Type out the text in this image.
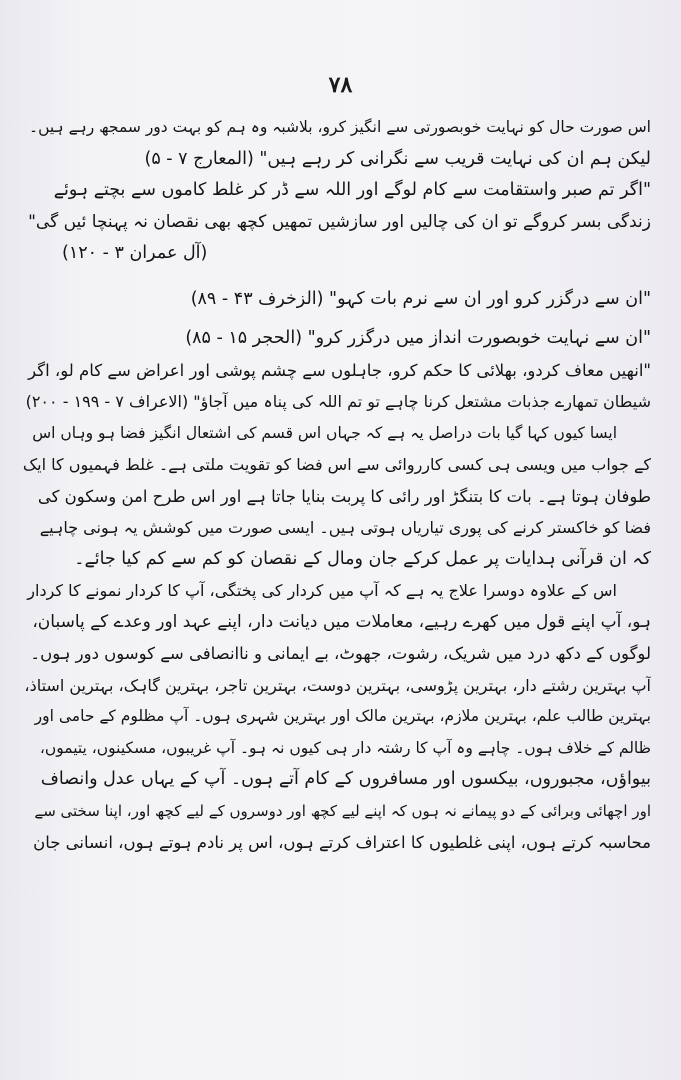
۷۸
اس صورت حال کو نہایت خوبصورتی سے انگیز کرو، بلاشبہ وہ ہم کو بہت دور سمجھ رہے ہیں۔
لیکن ہم ان کی نہایت قریب سے نگرانی کر رہے ہیں" (المعارج ۷ - ۵)
"اگر تم صبر واستقامت سے کام لوگے اور اللہ سے ڈر کر غلط کاموں سے بچتے ہوئے
زندگی بسر کروگے تو ان کی چالیں اور سازشیں تمھیں کچھ بھی نقصان نہ پہنچا ئیں گی"
(آل عمران ۳ - ۱۲۰)
"ان سے درگزر کرو اور ان سے نرم بات کہو" (الزخرف ۴۳ - ۸۹)
"ان سے نہایت خوبصورت انداز میں درگزر کرو" (الحجر ۱۵ - ۸۵)
"انھیں معاف کردو، بھلائی کا حکم کرو، جاہلوں سے چشم پوشی اور اعراض سے کام لو، اگر
شیطان تمھارے جذبات مشتعل کرنا چاہے تو تم اللہ کی پناہ میں آجاؤ" (الاعراف ۷ - ۱۹۹ - ۲۰۰)
ایسا کیوں کہا گیا بات دراصل یہ ہے کہ جہاں اس قسم کی اشتعال انگیز فضا ہو وہاں اس
کے جواب میں ویسی ہی کسی کارروائی سے اس فضا کو تقویت ملتی ہے۔ غلط فہمیوں کا ایک
طوفان ہوتا ہے۔ بات کا بتنگڑ اور رائی کا پربت بنایا جاتا ہے اور اس طرح امن وسکون کی
فضا کو خاکستر کرنے کی پوری تیاریاں ہوتی ہیں۔ ایسی صورت میں کوشش یہ ہونی چاہیے
کہ ان قرآنی ہدایات پر عمل کرکے جان ومال کے نقصان کو کم سے کم کیا جائے۔
اس کے علاوہ دوسرا علاج یہ ہے کہ آپ میں کردار کی پختگی، آپ کا کردار نمونے کا کردار
ہو، آپ اپنے قول میں کھرے رہیے، معاملات میں دیانت دار، اپنے عہد اور وعدے کے پاسبان،
لوگوں کے دکھ درد میں شریک، رشوت، جھوٹ، بے ایمانی و ناانصافی سے کوسوں دور ہوں۔
آپ بہترین رشتے دار، بہترین پڑوسی، بہترین دوست، بہترین تاجر، بہترین گاہک، بہترین استاذ،
بہترین طالب علم، بہترین ملازم، بہترین مالک اور بہترین شہری ہوں۔ آپ مظلوم کے حامی اور
ظالم کے خلاف ہوں۔ چاہے وہ آپ کا رشتہ دار ہی کیوں نہ ہو۔ آپ غریبوں، مسکینوں، یتیموں،
بیواؤں، مجبوروں، بیکسوں اور مسافروں کے کام آتے ہوں۔ آپ کے یہاں عدل وانصاف
اور اچھائی وبرائی کے دو پیمانے نہ ہوں کہ اپنے لیے کچھ اور دوسروں کے لیے کچھ اور، اپنا سختی سے
محاسبہ کرتے ہوں، اپنی غلطیوں کا اعتراف کرتے ہوں، اس پر نادم ہوتے ہوں، انسانی جان
